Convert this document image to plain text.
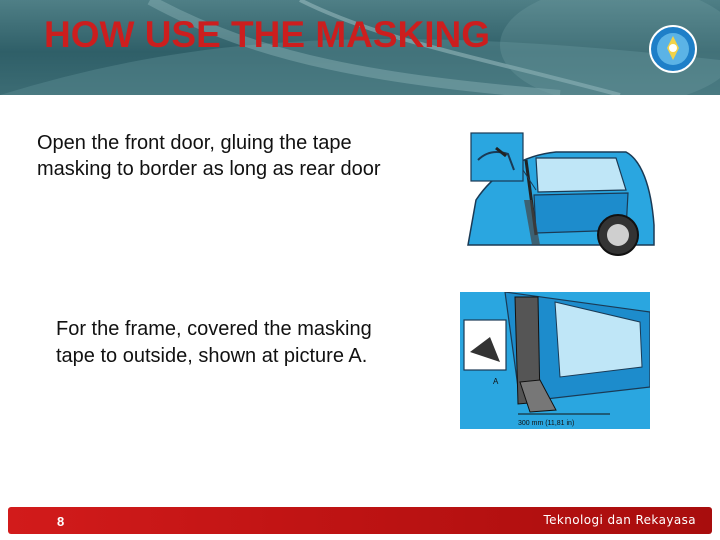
HOW USE THE MASKING
Open the front door, gluing the tape masking to border as long as rear door
For the frame, covered the masking tape to outside, shown at picture A.
A
300 mm (11,81 in)
8	Teknologi dan Rekayasa
